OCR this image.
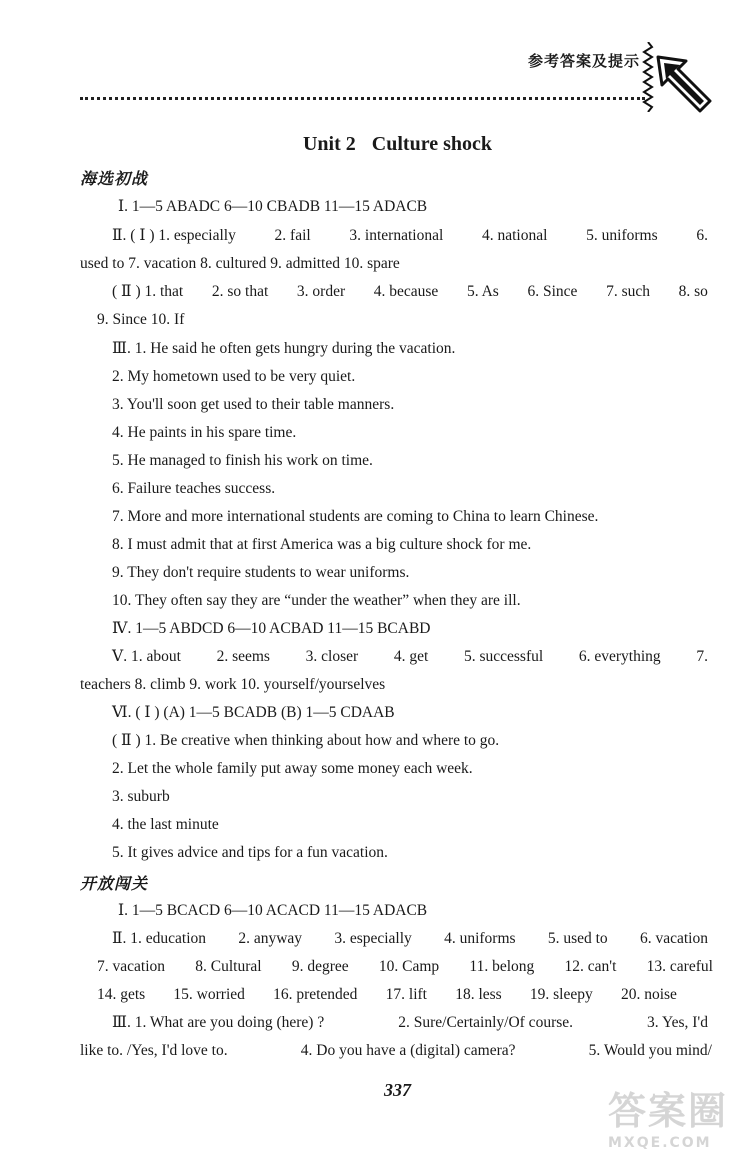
参考答案及提示
Unit 2 Culture shock
海选初战
Ⅰ. 1—5 ABADC 6—10 CBADB 11—15 ADACB
Ⅱ. ( Ⅰ ) 1. especially 2. fail 3. international 4. national 5. uniforms 6.
used to 7. vacation 8. cultured 9. admitted 10. spare
( Ⅱ ) 1. that 2. so that 3. order 4. because 5. As 6. Since 7. such 8. so
9. Since 10. If
Ⅲ. 1. He said he often gets hungry during the vacation.
2. My hometown used to be very quiet.
3. You'll soon get used to their table manners.
4. He paints in his spare time.
5. He managed to finish his work on time.
6. Failure teaches success.
7. More and more international students are coming to China to learn Chinese.
8. I must admit that at first America was a big culture shock for me.
9. They don't require students to wear uniforms.
10. They often say they are “under the weather” when they are ill.
Ⅳ. 1—5 ABDCD 6—10 ACBAD 11—15 BCABD
Ⅴ. 1. about 2. seems 3. closer 4. get 5. successful 6. everything 7.
teachers 8. climb 9. work 10. yourself/yourselves
Ⅵ. ( Ⅰ ) (A) 1—5 BCADB (B) 1—5 CDAAB
( Ⅱ ) 1. Be creative when thinking about how and where to go.
2. Let the whole family put away some money each week.
3. suburb
4. the last minute
5. It gives advice and tips for a fun vacation.
开放闯关
Ⅰ. 1—5 BCACD 6—10 ACACD 11—15 ADACB
Ⅱ. 1. education 2. anyway 3. especially 4. uniforms 5. used to 6. vacation
7. vacation 8. Cultural 9. degree 10. Camp 11. belong 12. can't 13. careful
14. gets 15. worried 16. pretended 17. lift 18. less 19. sleepy 20. noise
Ⅲ. 1. What are you doing (here) ?	2. Sure/Certainly/Of course.	3. Yes, I'd
like to. /Yes, I'd love to.	4. Do you have a (digital) camera?	5. Would you mind/
337	答案圈
MXQE.COM
